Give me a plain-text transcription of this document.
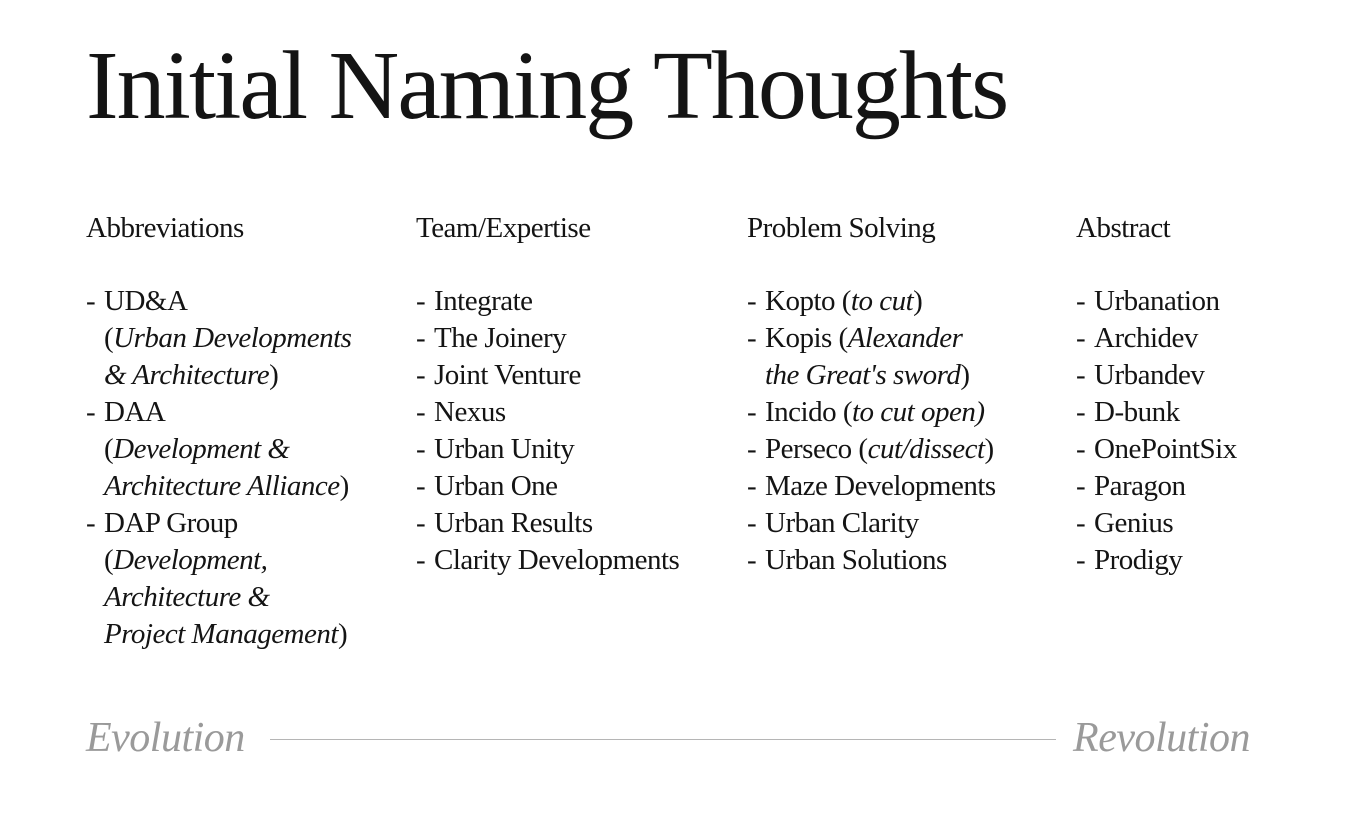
Initial Naming Thoughts
Abbreviations
- UD&A
(Urban Developments
& Architecture)
- DAA
(Development &
Architecture Alliance)
- DAP Group
(Development,
Architecture &
Project Management)
Team/Expertise
- Integrate
- The Joinery
- Joint Venture
- Nexus
- Urban Unity
- Urban One
- Urban Results
- Clarity Developments
Problem Solving
- Kopto (to cut)
- Kopis (Alexander
the Great's sword)
- Incido (to cut open)
- Perseco (cut/dissect)
- Maze Developments
- Urban Clarity
- Urban Solutions
Abstract
- Urbanation
- Archidev
- Urbandev
- D-bunk
- OnePointSix
- Paragon
- Genius
- Prodigy

Evolution	Revolution
